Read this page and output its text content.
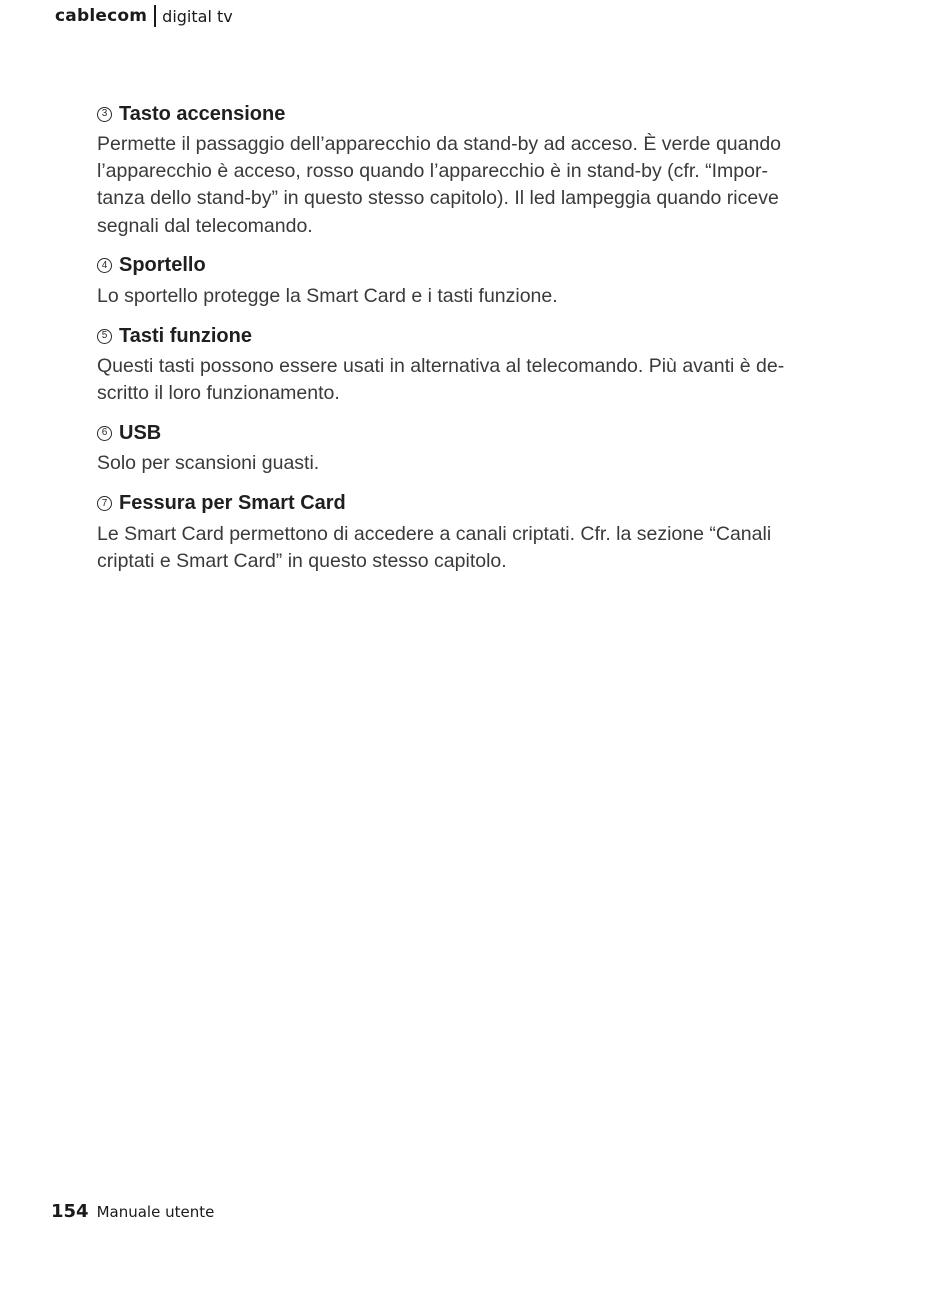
cablecom digital tv
3 Tasto accensione

Permette il passaggio dell’apparecchio da stand-by ad acceso. È verde quando
l’apparecchio è acceso, rosso quando l’apparecchio è in stand-by (cfr. “Impor-
tanza dello stand-by” in questo stesso capitolo). Il led lampeggia quando riceve
segnali dal telecomando.

4 Sportello

Lo sportello protegge la Smart Card e i tasti funzione.

5 Tasti funzione

Questi tasti possono essere usati in alternativa al telecomando. Più avanti è de-
scritto il loro funzionamento.

6 USB

Solo per scansioni guasti.

7 Fessura per Smart Card

Le Smart Card permettono di accedere a canali criptati. Cfr. la sezione “Canali
criptati e Smart Card” in questo stesso capitolo.

154 Manuale utente
